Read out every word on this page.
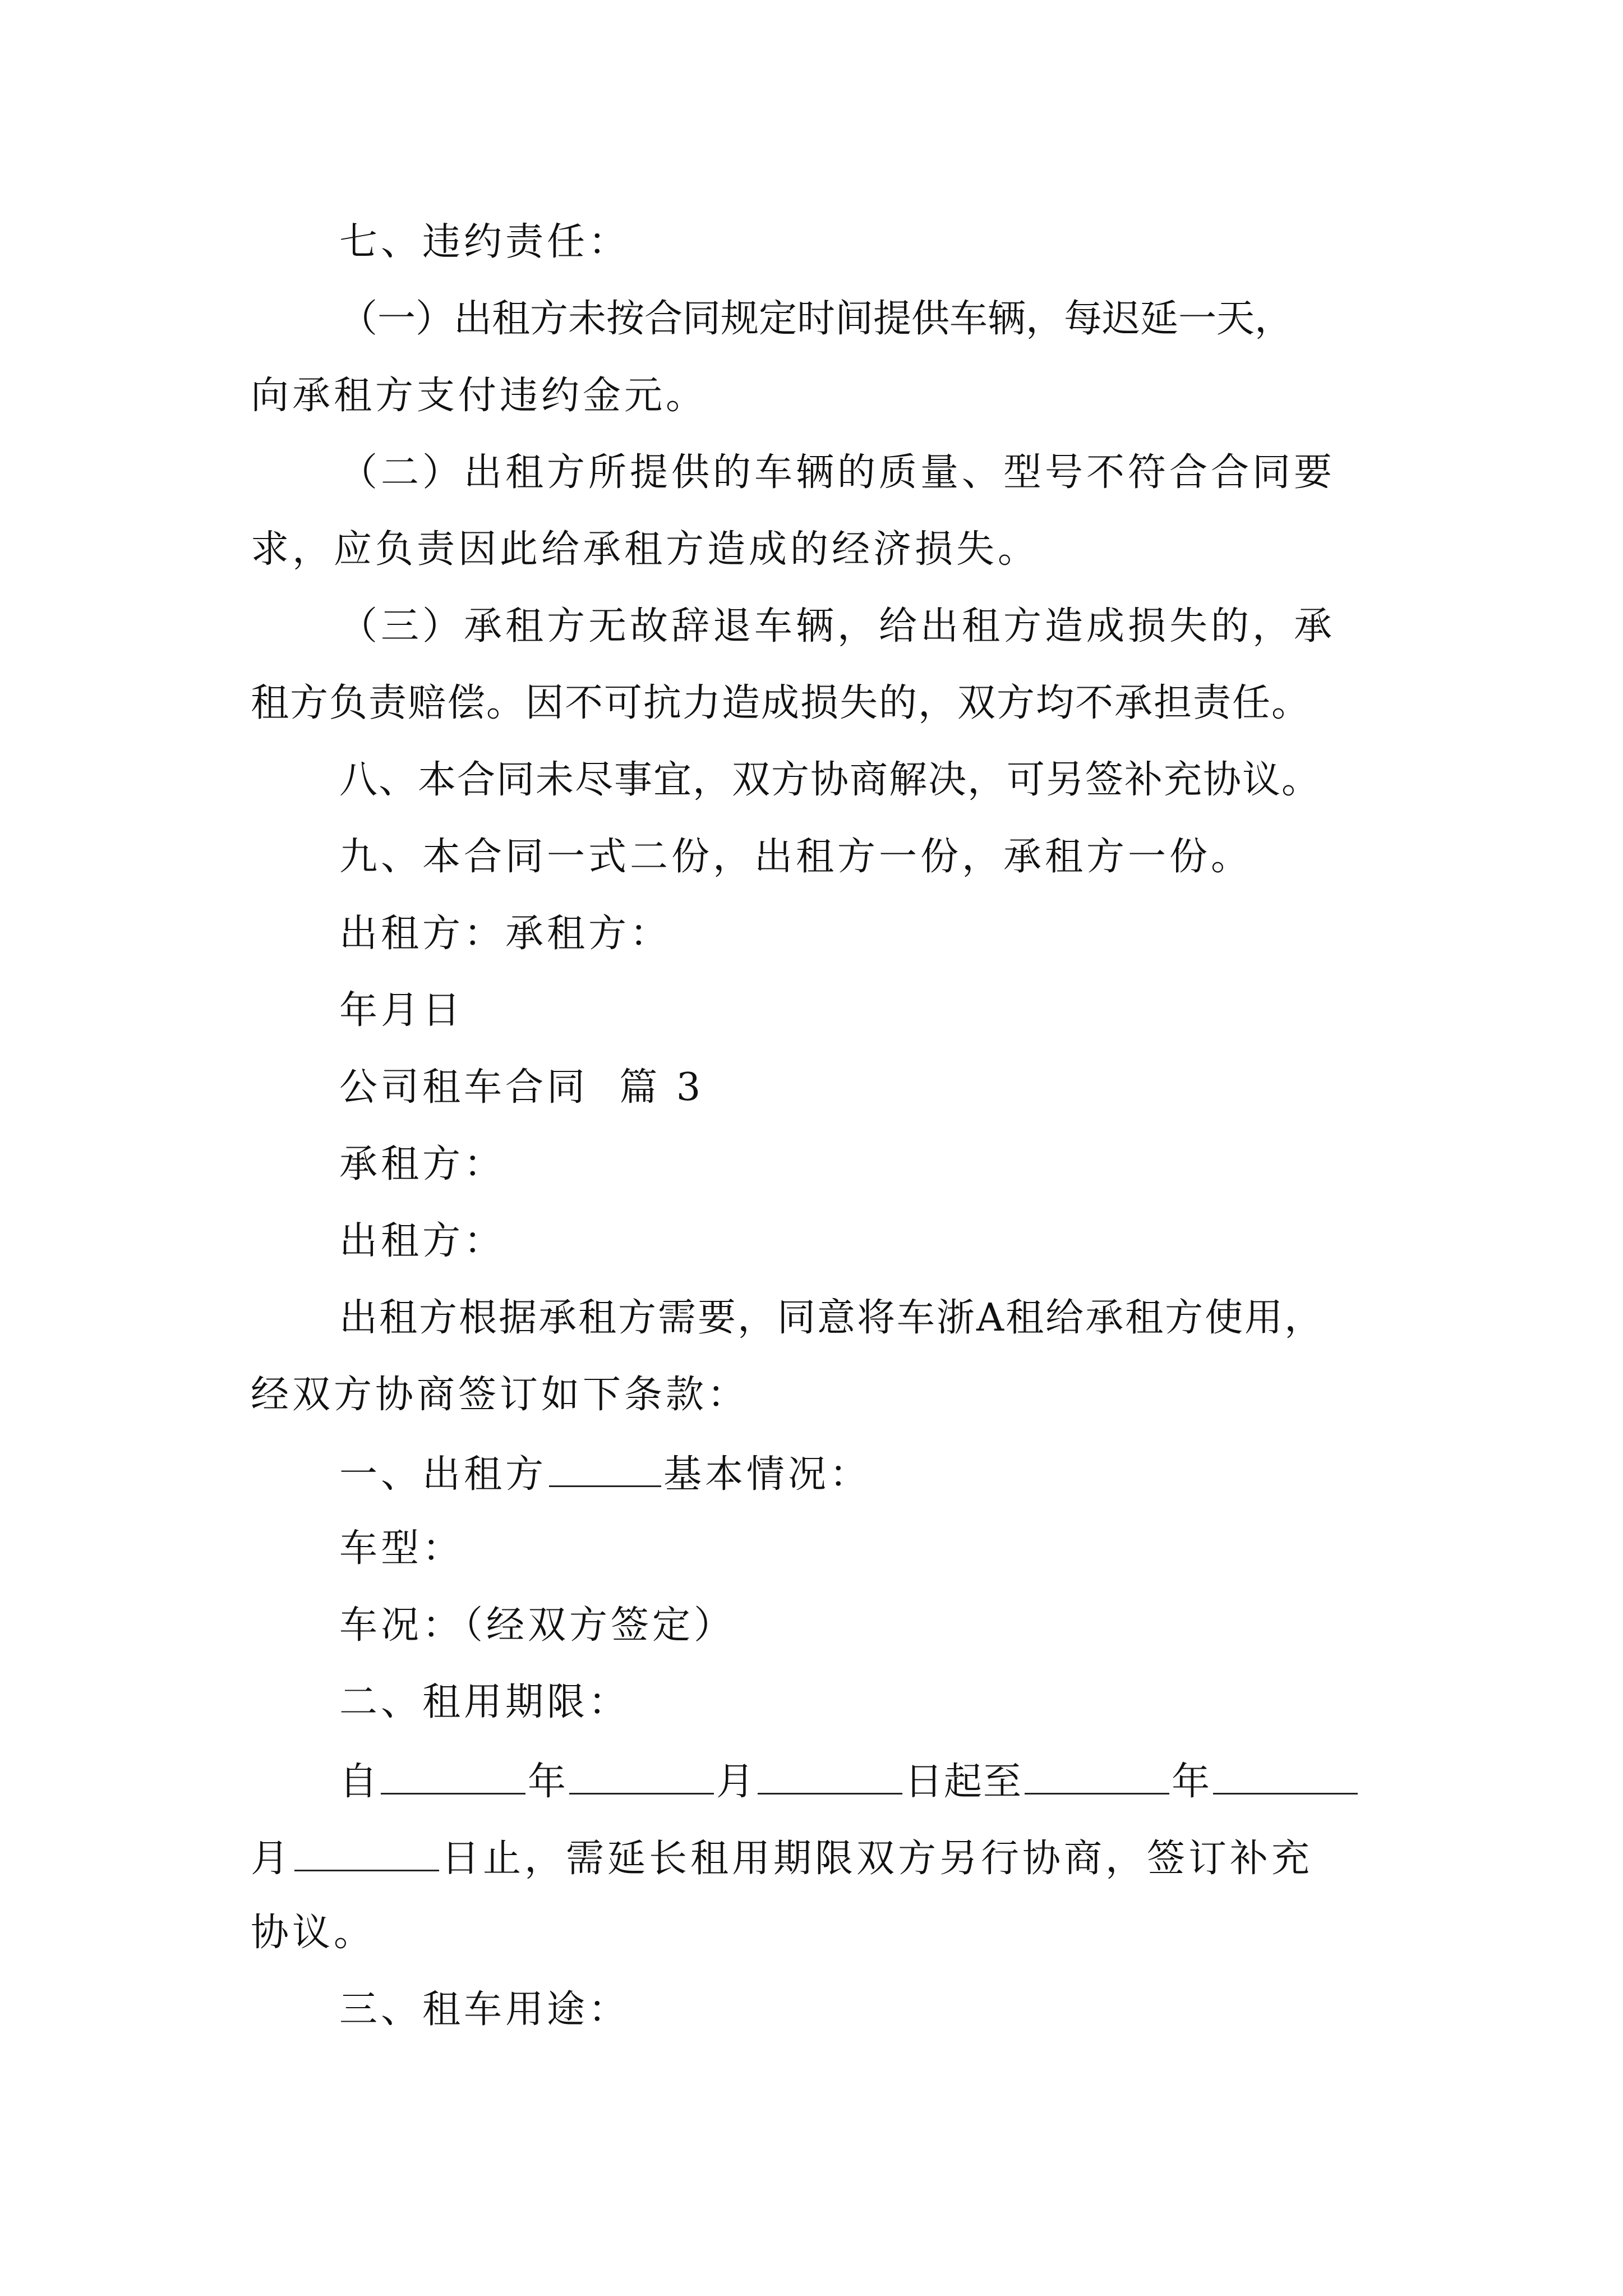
七、违约责任：
（一）出租方未按合同规定时间提供车辆，每迟延一天，
向承租方支付违约金元。
（二）出租方所提供的车辆的质量、型号不符合合同要
求，应负责因此给承租方造成的经济损失。
（三）承租方无故辞退车辆，给出租方造成损失的，承
租方负责赔偿。因不可抗力造成损失的，双方均不承担责任。
八、本合同未尽事宜，双方协商解决，可另签补充协议。
九、本合同一式二份，出租方一份，承租方一份。
出租方：承租方：
年月日
公司租车合同  篇 3
承租方：
出租方：
出租方根据承租方需要，同意将车浙A租给承租方使用，
经双方协商签订如下条款：
一、出租方	基本情况：
车型：
车况：（经双方签定）
二、租用期限：
自	年	月	日起至	年
月	日止，需延长租用期限双方另行协商，签订补充
协议。
三、租车用途：
